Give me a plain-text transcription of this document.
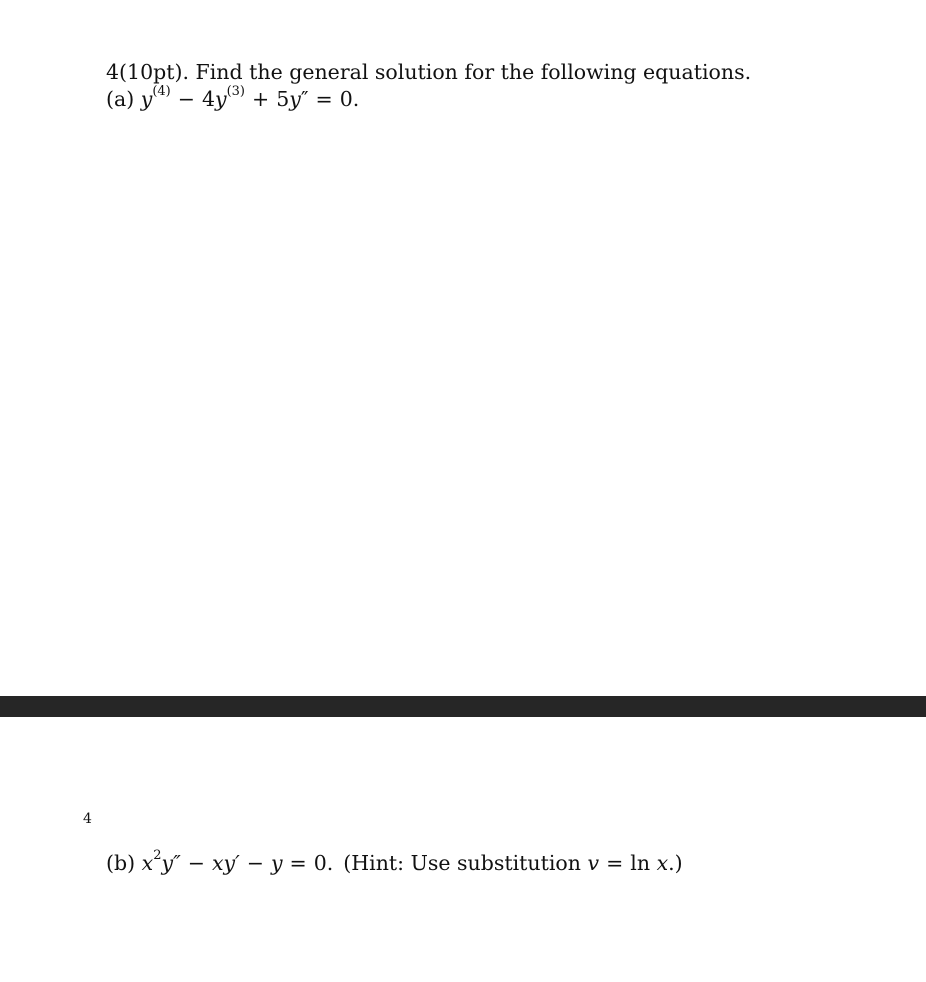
4(10pt). Find the general solution for the following equations.
(a) $y^{(4)} - 4y^{(3)} + 5y'' = 0$.
4
(b) $x^2y'' - xy' - y = 0$. (Hint: Use substitution v = ln x.)
